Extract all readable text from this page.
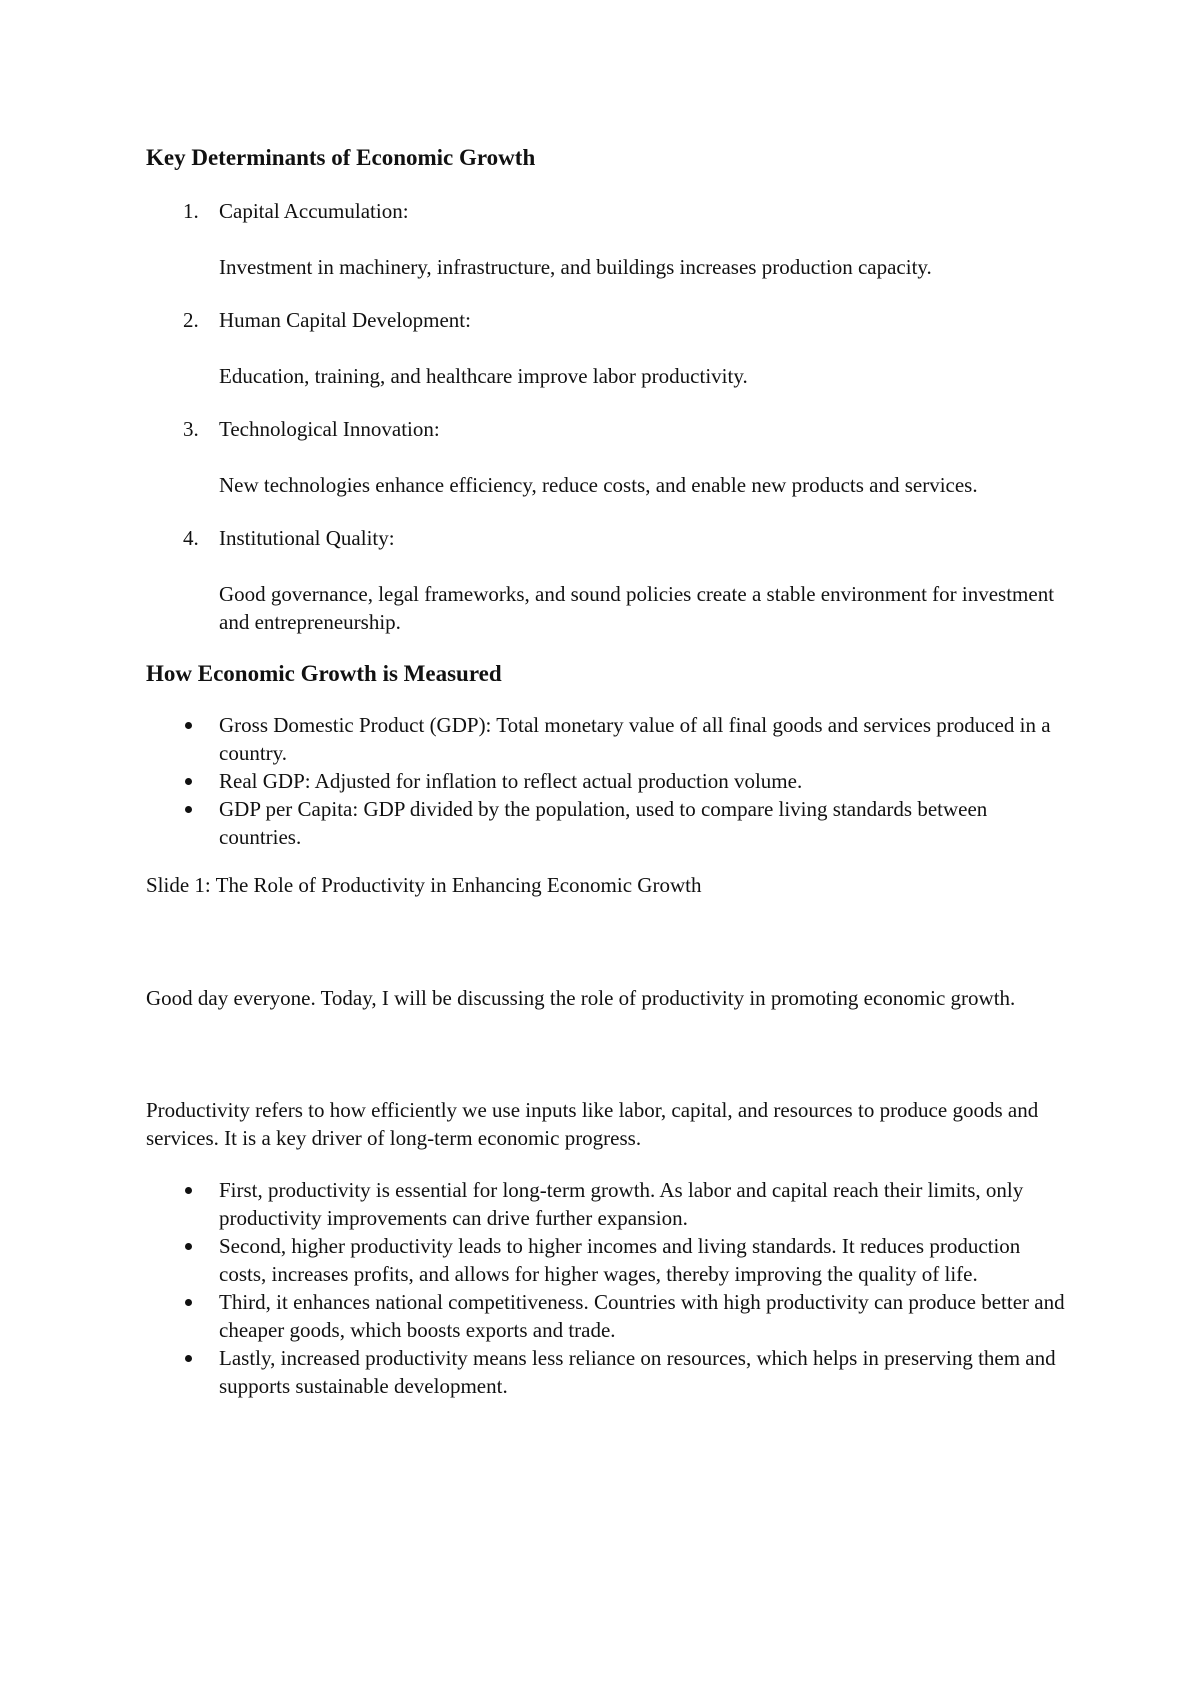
Key Determinants of Economic Growth
1. Capital Accumulation:
Investment in machinery, infrastructure, and buildings increases production capacity.
2. Human Capital Development:
Education, training, and healthcare improve labor productivity.
3. Technological Innovation:
New technologies enhance efficiency, reduce costs, and enable new products and services.
4. Institutional Quality:
Good governance, legal frameworks, and sound policies create a stable environment for investment and entrepreneurship.
How Economic Growth is Measured
Gross Domestic Product (GDP): Total monetary value of all final goods and services produced in a country.
Real GDP: Adjusted for inflation to reflect actual production volume.
GDP per Capita: GDP divided by the population, used to compare living standards between countries.

Slide 1: The Role of Productivity in Enhancing Economic Growth

Good day everyone. Today, I will be discussing the role of productivity in promoting economic growth.

Productivity refers to how efficiently we use inputs like labor, capital, and resources to produce goods and services. It is a key driver of long-term economic progress.

First, productivity is essential for long-term growth. As labor and capital reach their limits, only productivity improvements can drive further expansion.
Second, higher productivity leads to higher incomes and living standards. It reduces production costs, increases profits, and allows for higher wages, thereby improving the quality of life.
Third, it enhances national competitiveness. Countries with high productivity can produce better and cheaper goods, which boosts exports and trade.
Lastly, increased productivity means less reliance on resources, which helps in preserving them and supports sustainable development.
